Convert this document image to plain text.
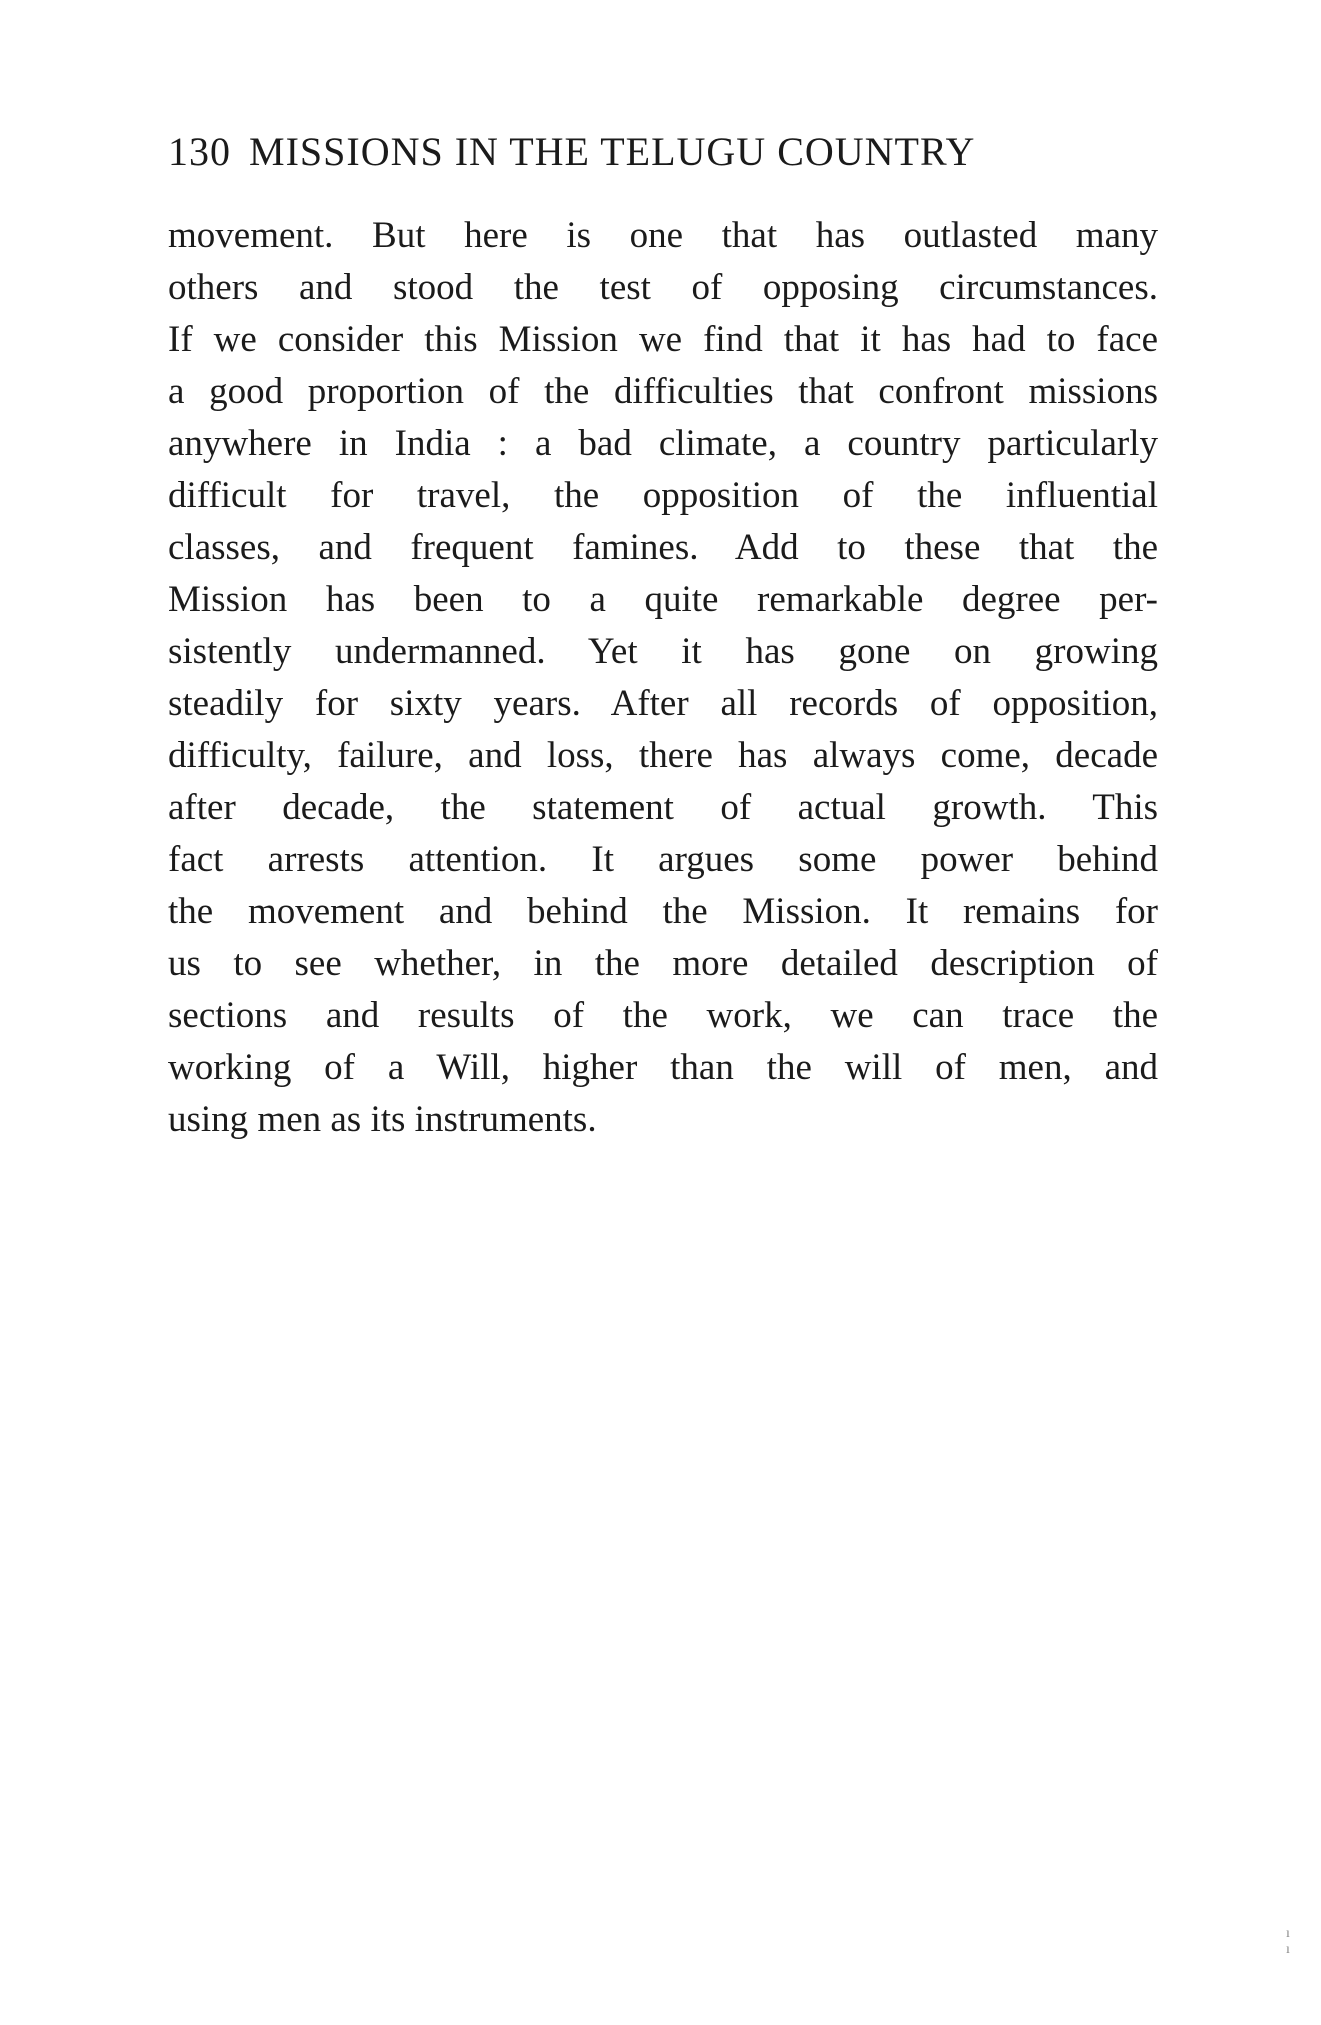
130 MISSIONS IN THE TELUGU COUNTRY
movement. But here is one that has outlasted many
others and stood the test of opposing circumstances.
If we consider this Mission we find that it has had to face
a good proportion of the difficulties that confront missions
anywhere in India : a bad climate, a country particularly
difficult for travel, the opposition of the influential
classes, and frequent famines. Add to these that the
Mission has been to a quite remarkable degree per-
sistently undermanned. Yet it has gone on growing
steadily for sixty years. After all records of opposition,
difficulty, failure, and loss, there has always come, decade
after decade, the statement of actual growth. This
fact arrests attention. It argues some power behind
the movement and behind the Mission. It remains for
us to see whether, in the more detailed description of
sections and results of the work, we can trace the
working of a Will, higher than the will of men, and
using men as its instruments.
ı ı
